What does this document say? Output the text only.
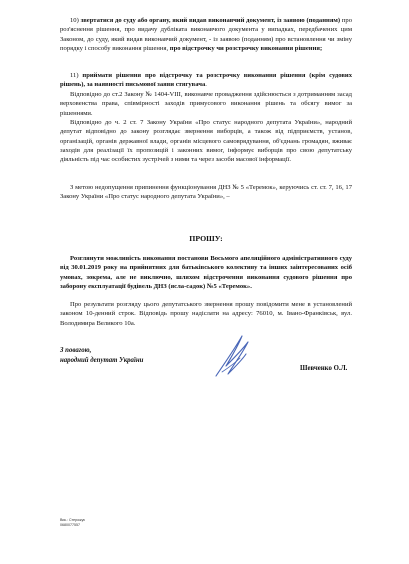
10) звертатися до суду або органу, який видав виконавчий документ, із заявою (поданням) про роз'яснення рішення, про видачу дубліката виконавчого документа у випадках, передбачених цим Законом, до суду, який видав виконавчий документ, - із заявою (поданням) про встановлення чи зміну порядку і способу виконання рішення, про відстрочку чи розстрочку виконання рішення;

11) приймати рішення про відстрочку та розстрочку виконання рішення (крім судових рішень), за наявності письмової заяви стягувача.

Відповідно до ст.2 Закону № 1404-VIII, виконавче провадження здійснюється з дотриманням засад верховенства права, співмірності заходів примусового виконання рішень та обсягу вимог за рішеннями.

Відповідно до ч. 2 ст. 7 Закону України «Про статус народного депутата України», народний депутат відповідно до закону розглядає звернення виборців, а також від підприємств, установ, організацій, органів державної влади, органів місцевого самоврядування, об'єднань громадян, вживає заходів для реалізації їх пропозицій і законних вимог, інформує виборців про свою депутатську діяльність під час особистих зустрічей з ними та через засоби масової інформації.

З метою недопущення припинення функціонування ДНЗ № 5 «Теремок», керуючись ст. ст. 7, 16, 17 Закону України «Про статус народного депутата України», –

ПРОШУ:

Розглянути можливість виконання постанови Восьмого апеляційного адміністративного суду від 30.01.2019 року на прийнятних для батьківського колективу та інших заінтересованих осіб умовах, зокрема, але не виключно, шляхом відстрочення виконання судового рішення про заборону експлуатації будівель ДНЗ (ясла-садок) №5 «Теремок».

Про результати розгляду цього депутатського звернення прошу повідомити мене в установлений законом 10-денний строк. Відповідь прошу надіслати на адресу: 76010, м. Івано-Франківськ, вул. Володимира Великого 10а.

З повагою,
народний депутат України
Шевченко О.Л.
Вик.: Стерожук
0680077557
